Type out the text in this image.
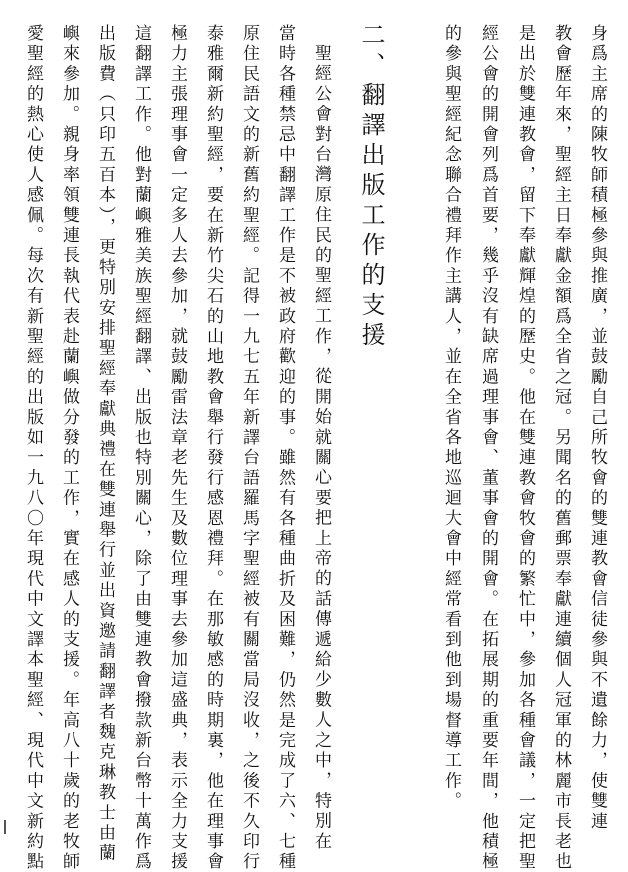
身爲主席的陳牧師積極參與推廣，並鼓勵自己所牧會的雙連教會信徒參與不遺餘力，使雙連
教會歷年來，聖經主日奉獻金額爲全省之冠。另聞名的舊郵票奉獻連續個人冠軍的林麗市長老也
是出於雙連教會，留下奉獻輝煌的歷史。他在雙連教會牧會的繁忙中，參加各種會議，一定把聖
經公會的開會列爲首要，幾乎沒有缺席過理事會、董事會的開會。在拓展期的重要年間，他積極
的參與聖經紀念聯合禮拜作主講人，並在全省各地巡迴大會中經常看到他到場督導工作。
二、翻譯出版工作的支援
聖經公會對台灣原住民的聖經工作，從開始就關心要把上帝的話傳遞給少數人之中，特別在
當時各種禁忌中翻譯工作是不被政府歡迎的事。雖然有各種曲折及困難，仍然是完成了六、七種
原住民語文的新舊約聖經。記得一九七五年新譯台語羅馬字聖經被有關當局沒收，之後不久印行
泰雅爾新約聖經，要在新竹尖石的山地教會舉行發行感恩禮拜。在那敏感的時期裏，他在理事會
極力主張理事會一定多人去參加，就鼓勵雷法章老先生及數位理事去參加這盛典，表示全力支援
這翻譯工作。他對蘭嶼雅美族聖經翻譯、出版也特別關心，除了由雙連教會撥款新台幣十萬作爲
出版費（只印五百本），更特別安排聖經奉獻典禮在雙連舉行並出資邀請翻譯者魏克琳教士由蘭
嶼來參加。親身率領雙連長執代表赴蘭嶼做分發的工作，實在感人的支援。年高八十歲的老牧師
愛聖經的熱心使人感佩。每次有新聖經的出版如一九八〇年現代中文譯本聖經、現代中文新約點
